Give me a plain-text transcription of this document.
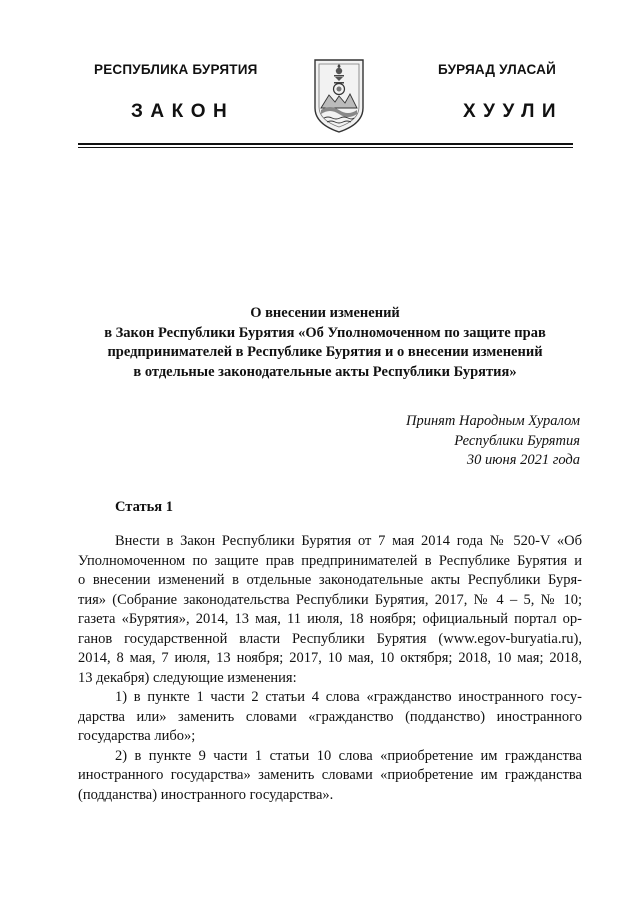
РЕСПУБЛИКА БУРЯТИЯ	БУРЯАД УЛАСАЙ
ЗАКОН	ХУУЛИ
О внесении изменений
в Закон Республики Бурятия «Об Уполномоченном по защите прав
предпринимателей в Республике Бурятия и о внесении изменений
в отдельные законодательные акты Республики Бурятия»
Принят Народным Хуралом
Республики Бурятия
30 июня 2021 года
Статья 1
Внести в Закон Республики Бурятия от 7 мая 2014 года № 520-V «Об
Уполномоченном по защите прав предпринимателей в Республике Бурятия и
о внесении изменений в отдельные законодательные акты Республики Буря-
тия» (Собрание законодательства Республики Бурятия, 2017, № 4 – 5, № 10;
газета «Бурятия», 2014, 13 мая, 11 июля, 18 ноября; официальный портал ор-
ганов государственной власти Республики Бурятия (www.egov-buryatia.ru),
2014, 8 мая, 7 июля, 13 ноября; 2017, 10 мая, 10 октября; 2018, 10 мая; 2018,
13 декабря) следующие изменения:
1) в пункте 1 части 2 статьи 4 слова «гражданство иностранного госу-
дарства или» заменить словами «гражданство (подданство) иностранного
государства либо»;
2) в пункте 9 части 1 статьи 10 слова «приобретение им гражданства
иностранного государства» заменить словами «приобретение им гражданства
(подданства) иностранного государства».
